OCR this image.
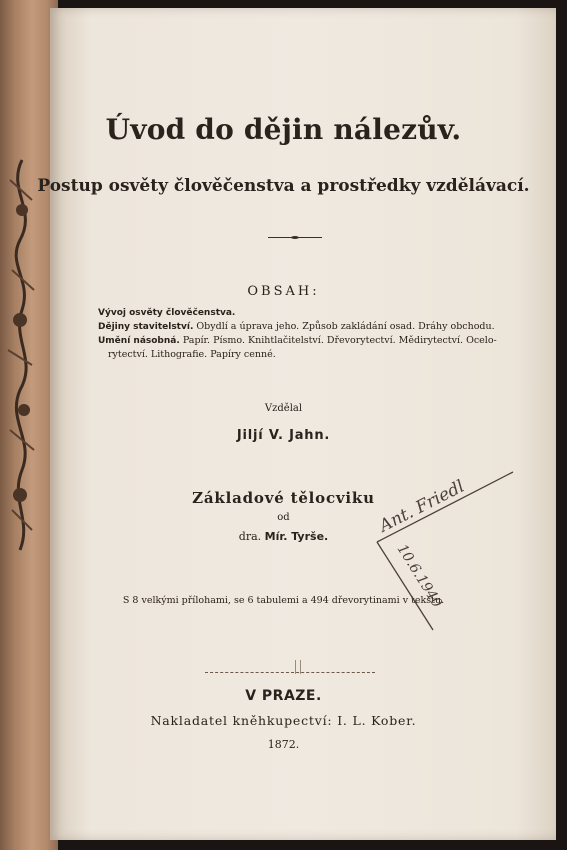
Úvod do dějin nálezův.
Postup osvěty člověčenstva a prostředky vzdělávací.
OBSAH:
Vývoj osvěty člověčenstva.
Dějiny stavitelství. Obydlí a úprava jeho. Způsob zakládání osad. Dráhy obchodu.
Umění násobná. Papír. Písmo. Knihtlačitelství. Dřevorytectví. Mědirytectví. Ocelo-
rytectví. Lithografie. Papíry cenné.
Vzdělal
Jiljí V. Jahn.
Základové tělocviku
od
dra. Mír. Tyrše.
S 8 velkými přílohami, se 6 tabulemi a 494 dřevorytinami v tekstu.
V PRAZE.
Nakladatel kněhkupectví: I. L. Kober.
1872.
Ant. Friedl
10.6.1940
